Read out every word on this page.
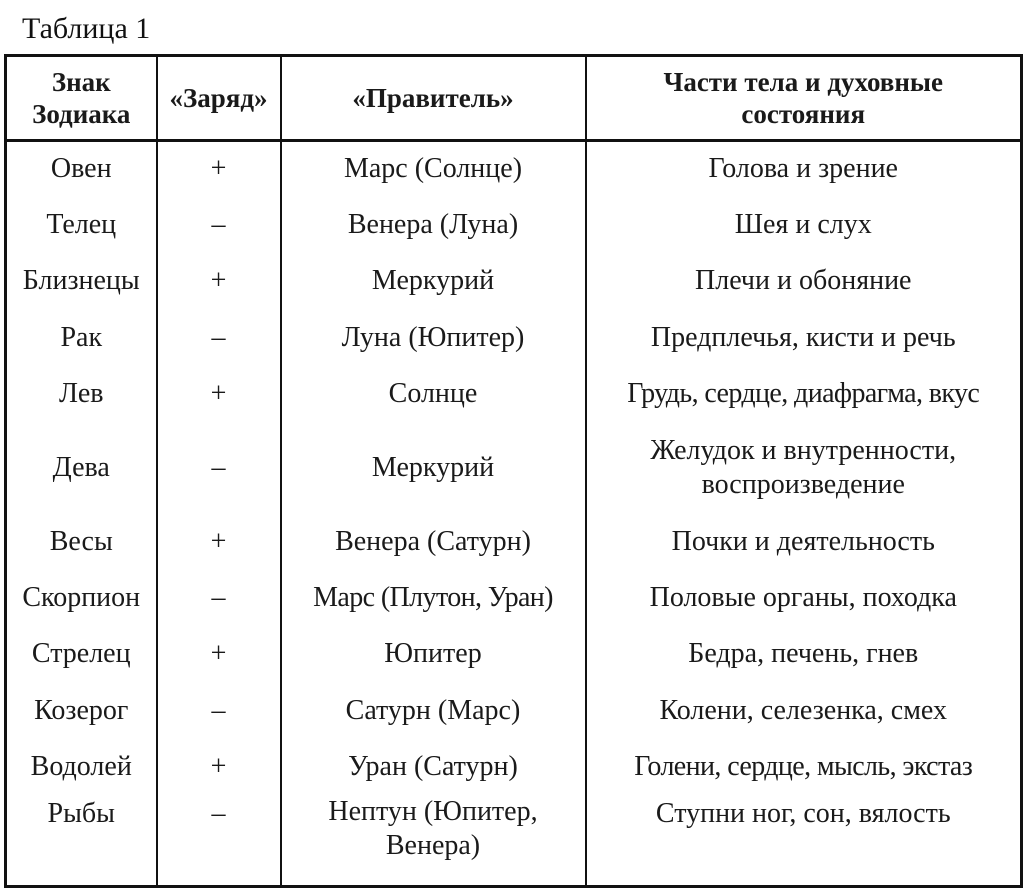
Таблица 1
Знак Зодиака	«Заряд»	«Правитель»	Части тела и духовные состояния
Овен	+	Марс (Солнце)	Голова и зрение
Телец	–	Венера (Луна)	Шея и слух
Близнецы	+	Меркурий	Плечи и обоняние
Рак	–	Луна (Юпитер)	Предплечья, кисти и речь
Лев	+	Солнце	Грудь, сердце, диафрагма, вкус
Дева	–	Меркурий	Желудок и внутренности, воспроизведение
Весы	+	Венера (Сатурн)	Почки и деятельность
Скорпион	–	Марс (Плутон, Уран)	Половые органы, походка
Стрелец	+	Юпитер	Бедра, печень, гнев
Козерог	–	Сатурн (Марс)	Колени, селезенка, смех
Водолей	+	Уран (Сатурн)	Голени, сердце, мысль, экстаз
Рыбы	–	Нептун (Юпитер, Венера)	Ступни ног, сон, вялость
